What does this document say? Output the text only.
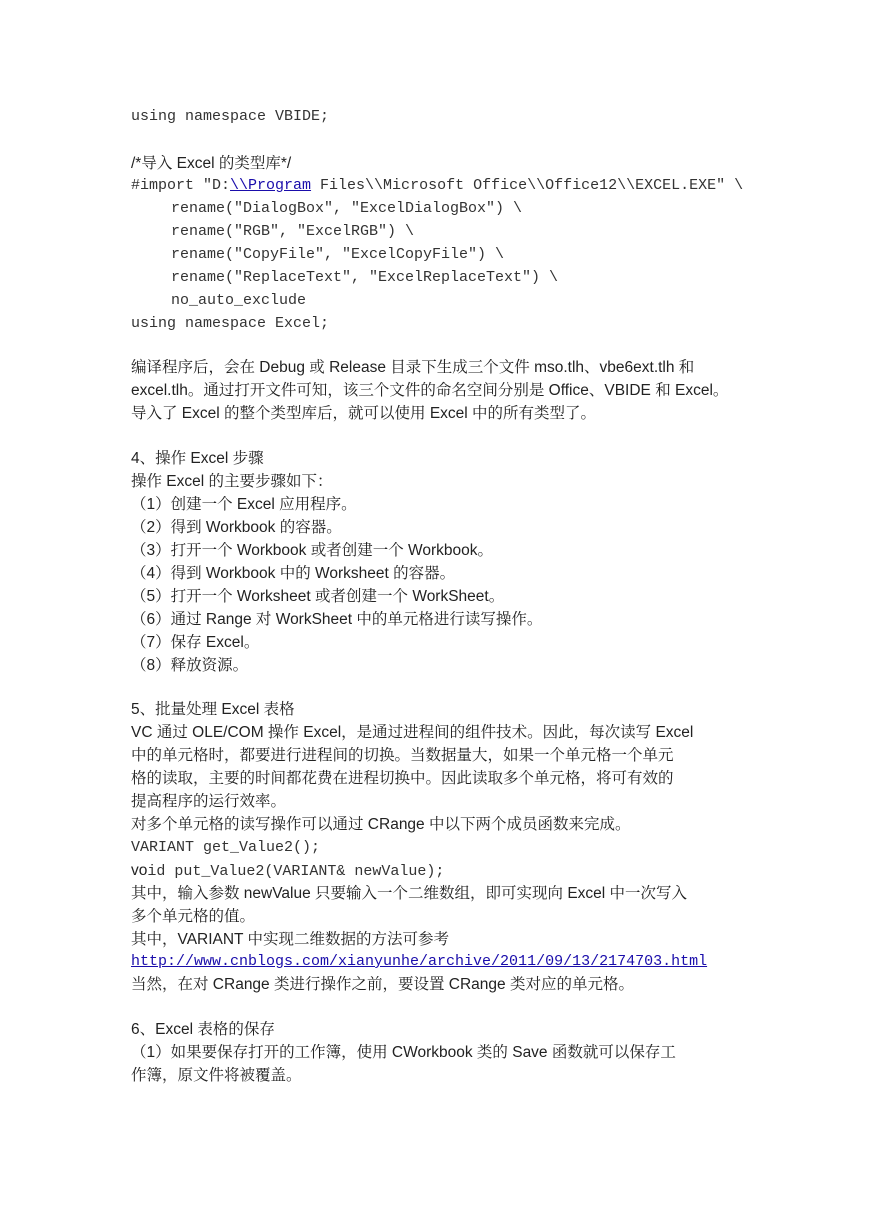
using namespace VBIDE;
/*导入 Excel 的类型库*/
#import "D:\\Program Files\\Microsoft Office\\Office12\\EXCEL.EXE" \
rename("DialogBox", "ExcelDialogBox") \
rename("RGB", "ExcelRGB") \
rename("CopyFile", "ExcelCopyFile") \
rename("ReplaceText", "ExcelReplaceText") \
no_auto_exclude
using namespace Excel;
编译程序后，会在 Debug 或 Release 目录下生成三个文件 mso.tlh、vbe6ext.tlh 和
excel.tlh。通过打开文件可知，该三个文件的命名空间分别是 Office、VBIDE 和 Excel。
导入了 Excel 的整个类型库后，就可以使用 Excel 中的所有类型了。
4、操作 Excel 步骤
操作 Excel 的主要步骤如下：
（1）创建一个 Excel 应用程序。
（2）得到 Workbook 的容器。
（3）打开一个 Workbook 或者创建一个 Workbook。
（4）得到 Workbook 中的 Worksheet 的容器。
（5）打开一个 Worksheet 或者创建一个 WorkSheet。
（6）通过 Range 对 WorkSheet 中的单元格进行读写操作。
（7）保存 Excel。
（8）释放资源。
5、批量处理 Excel 表格
VC 通过 OLE/COM 操作 Excel，是通过进程间的组件技术。因此，每次读写 Excel
中的单元格时，都要进行进程间的切换。当数据量大，如果一个单元格一个单元
格的读取，主要的时间都花费在进程切换中。因此读取多个单元格，将可有效的
提高程序的运行效率。
对多个单元格的读写操作可以通过 CRange 中以下两个成员函数来完成。
VARIANT get_Value2();
void put_Value2(VARIANT& newValue);
其中，输入参数 newValue 只要输入一个二维数组，即可实现向 Excel 中一次写入
多个单元格的值。
其中，VARIANT 中实现二维数据的方法可参考
http://www.cnblogs.com/xianyunhe/archive/2011/09/13/2174703.html
当然，在对 CRange 类进行操作之前，要设置 CRange 类对应的单元格。
6、Excel 表格的保存
（1）如果要保存打开的工作簿，使用 CWorkbook 类的 Save 函数就可以保存工
作簿，原文件将被覆盖。
